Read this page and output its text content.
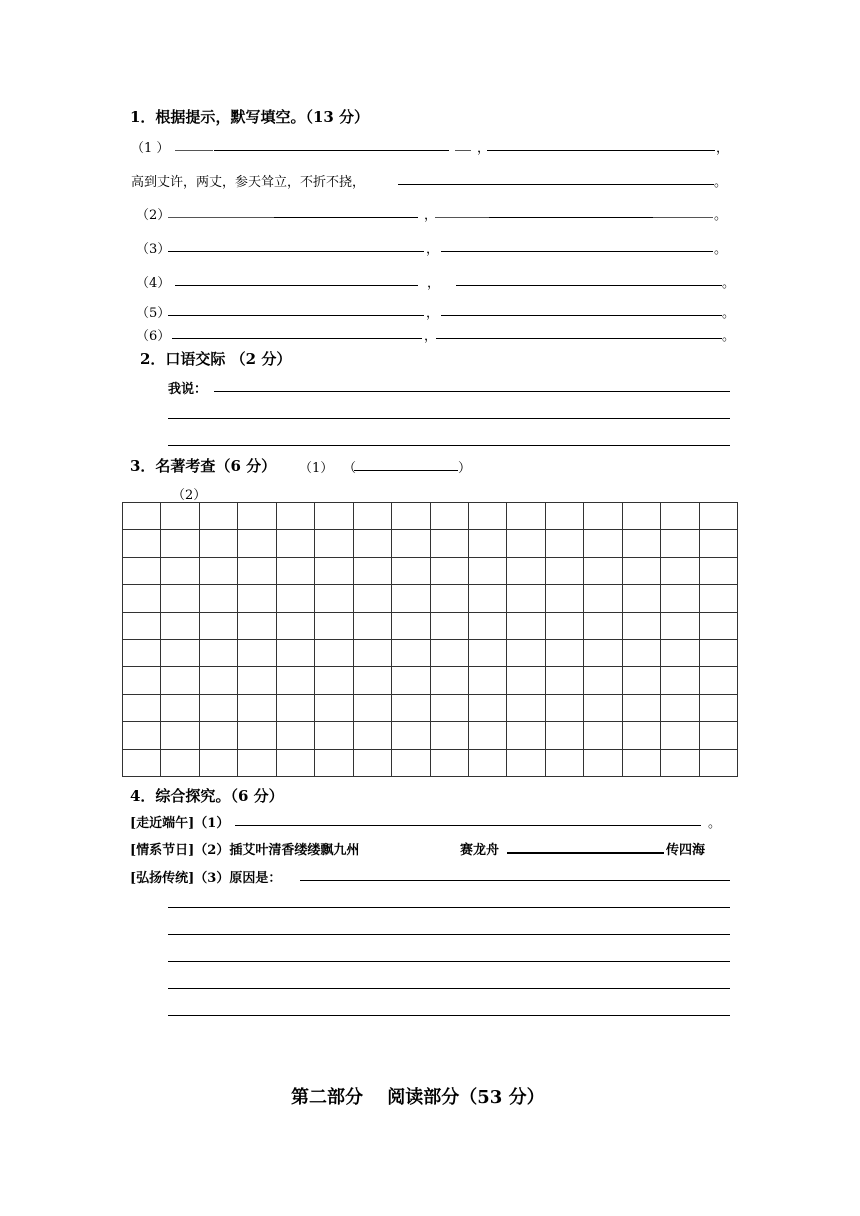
1．根据提示，默写填空。（13 分）
（1 ）	，	，
高到丈许，两丈，参天耸立，不折不挠，	。
（2）	，	。
（3）	，	。
（4）	，	。
（5）	，	。
（6）	，	。
2．口语交际 （2 分）
我说：
3．名著考查（6 分） （1） （	）
（2）

4．综合探究。（6 分）
[走近端午]（1）	。
[情系节日]（2）插艾叶清香缕缕飘九州	赛龙舟	传四海
[弘扬传统]（3）原因是：
第二部分　 阅读部分（53 分）
